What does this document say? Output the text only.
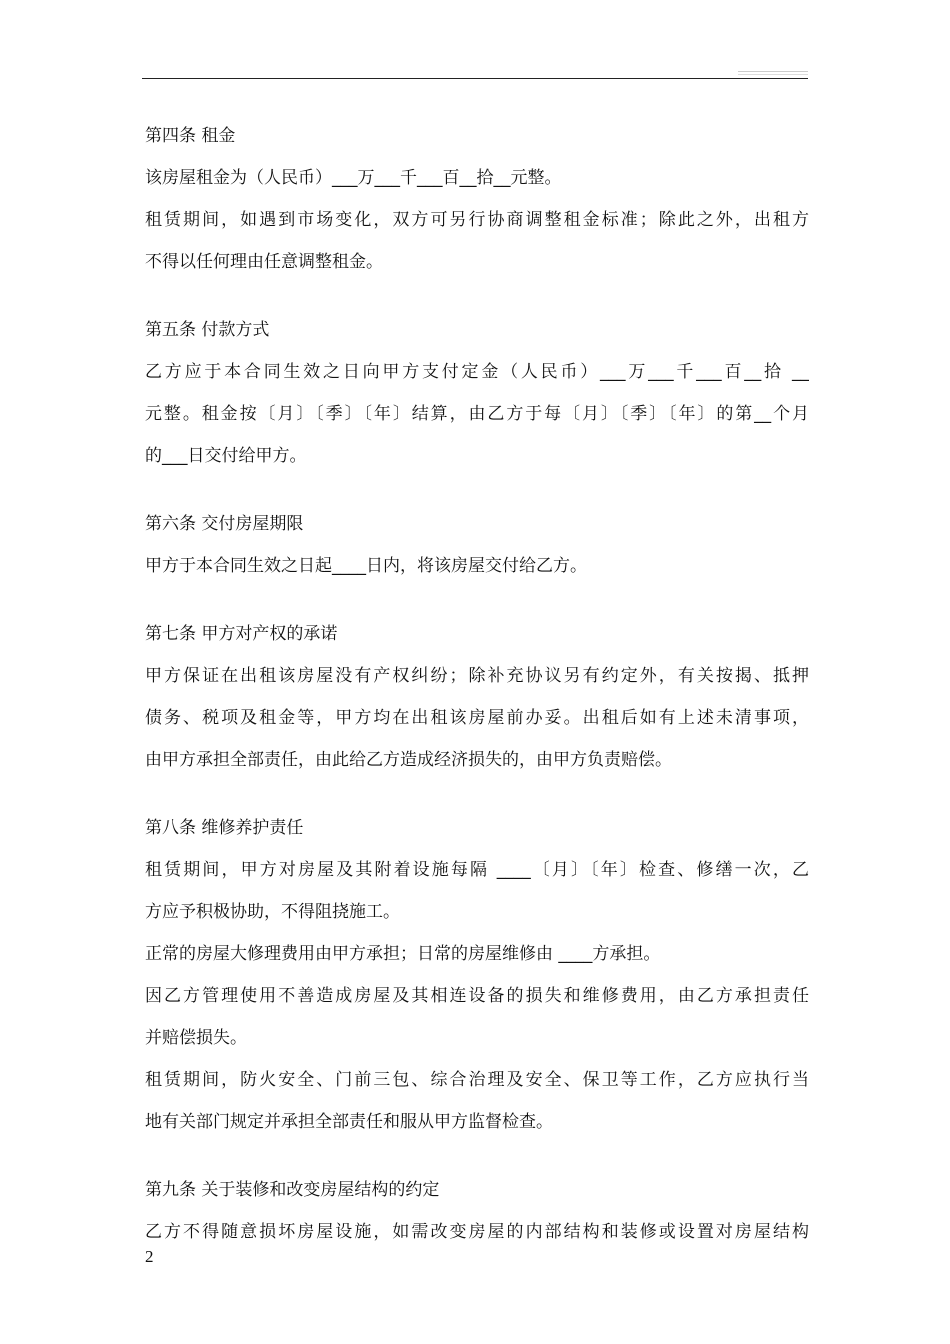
第四条 租金
该房屋租金为（人民币）___万___千___百__拾__元整。
租赁期间，如遇到市场变化，双方可另行协商调整租金标准；除此之外，出租方
不得以任何理由任意调整租金。
第五条 付款方式
乙方应于本合同生效之日向甲方支付定金（人民币）___万___千___百__拾 __
元整。租金按〔月〕〔季〕〔年〕结算，由乙方于每〔月〕〔季〕〔年〕的第__个月
的___日交付给甲方。
第六条 交付房屋期限
甲方于本合同生效之日起____日内，将该房屋交付给乙方。
第七条 甲方对产权的承诺
甲方保证在出租该房屋没有产权纠纷；除补充协议另有约定外，有关按揭、抵押
债务、税项及租金等，甲方均在出租该房屋前办妥。出租后如有上述未清事项，
由甲方承担全部责任，由此给乙方造成经济损失的，由甲方负责赔偿。
第八条 维修养护责任
租赁期间，甲方对房屋及其附着设施每隔 ____〔月〕〔年〕检查、修缮一次，乙
方应予积极协助，不得阻挠施工。
正常的房屋大修理费用由甲方承担；日常的房屋维修由 ____方承担。
因乙方管理使用不善造成房屋及其相连设备的损失和维修费用，由乙方承担责任
并赔偿损失。
租赁期间，防火安全、门前三包、综合治理及安全、保卫等工作，乙方应执行当
地有关部门规定并承担全部责任和服从甲方监督检查。
第九条 关于装修和改变房屋结构的约定
乙方不得随意损坏房屋设施，如需改变房屋的内部结构和装修或设置对房屋结构
2
